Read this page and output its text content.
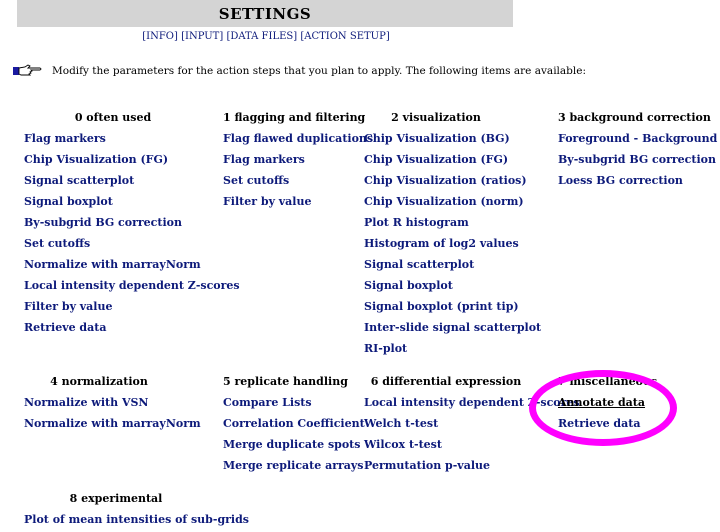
SETTINGS
[INFO] [INPUT] [DATA FILES] [ACTION SETUP]
Modify the parameters for the action steps that you plan to apply. The following items are available:
0 often used
Flag markers
Chip Visualization (FG)
Signal scatterplot
Signal boxplot
By-subgrid BG correction
Set cutoffs
Normalize with marrayNorm
Local intensity dependent Z-scores
Filter by value
Retrieve data
1 flagging and filtering
Flag flawed duplications
Flag markers
Set cutoffs
Filter by value
2 visualization
Chip Visualization (BG)
Chip Visualization (FG)
Chip Visualization (ratios)
Chip Visualization (norm)
Plot R histogram
Histogram of log2 values
Signal scatterplot
Signal boxplot
Signal boxplot (print tip)
Inter-slide signal scatterplot
RI-plot
3 background correction
Foreground - Background
By-subgrid BG correction
Loess BG correction
4 normalization
Normalize with VSN
Normalize with marrayNorm
5 replicate handling
Compare Lists
Correlation Coefficient
Merge duplicate spots
Merge replicate arrays
6 differential expression
Local intensity dependent Z-scores
Welch t-test
Wilcox t-test
Permutation p-value
7 miscellaneous
Annotate data
Retrieve data
8 experimental
Plot of mean intensities of sub-grids
